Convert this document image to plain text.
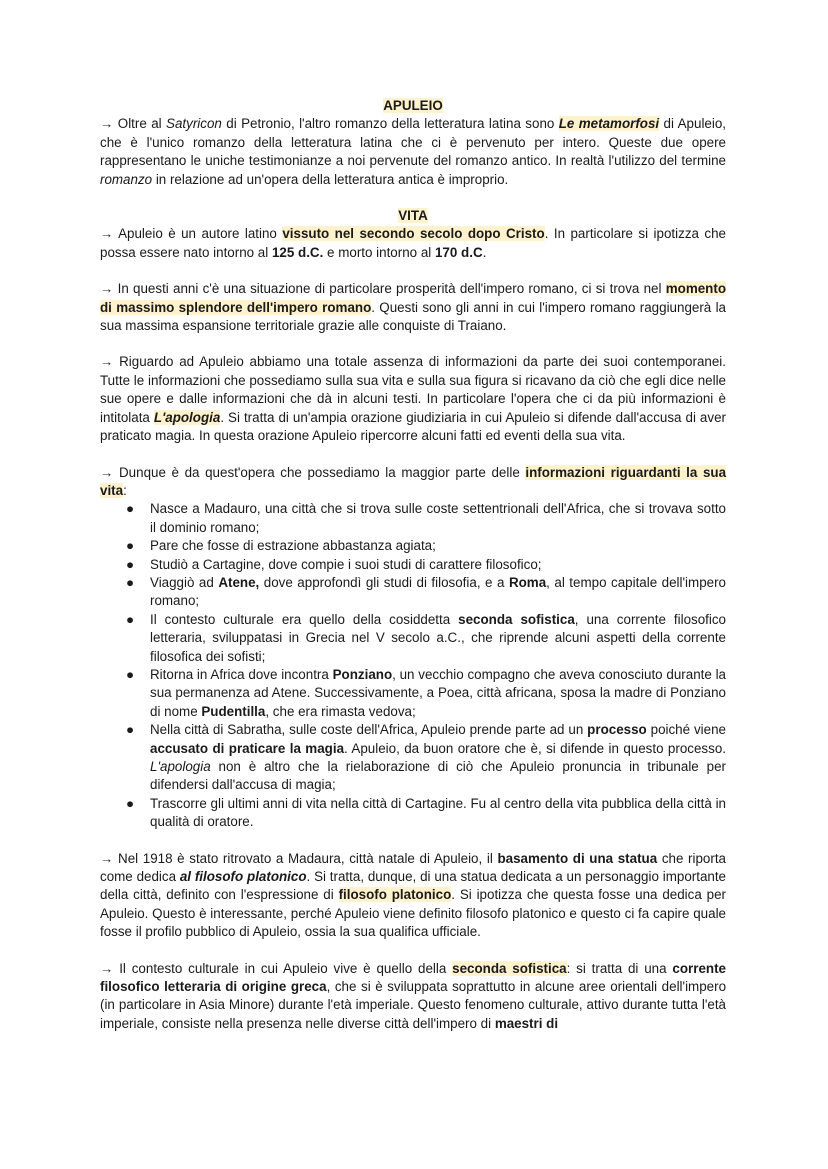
APULEIO

→ Oltre al Satyricon di Petronio, l'altro romanzo della letteratura latina sono Le metamorfosi di Apuleio, che è l'unico romanzo della letteratura latina che ci è pervenuto per intero. Queste due opere rappresentano le uniche testimonianze a noi pervenute del romanzo antico. In realtà l'utilizzo del termine romanzo in relazione ad un'opera della letteratura antica è improprio.

VITA

→ Apuleio è un autore latino vissuto nel secondo secolo dopo Cristo. In particolare si ipotizza che possa essere nato intorno al 125 d.C. e morto intorno al 170 d.C.

→ In questi anni c'è una situazione di particolare prosperità dell'impero romano, ci si trova nel momento di massimo splendore dell'impero romano. Questi sono gli anni in cui l'impero romano raggiungerà la sua massima espansione territoriale grazie alle conquiste di Traiano.

→ Riguardo ad Apuleio abbiamo una totale assenza di informazioni da parte dei suoi contemporanei. Tutte le informazioni che possediamo sulla sua vita e sulla sua figura si ricavano da ciò che egli dice nelle sue opere e dalle informazioni che dà in alcuni testi. In particolare l'opera che ci da più informazioni è intitolata L'apologia. Si tratta di un'ampia orazione giudiziaria in cui Apuleio si difende dall'accusa di aver praticato magia. In questa orazione Apuleio ripercorre alcuni fatti ed eventi della sua vita.

→ Dunque è da quest'opera che possediamo la maggior parte delle informazioni riguardanti la sua vita:

● Nasce a Madauro, una città che si trova sulle coste settentrionali dell'Africa, che si trovava sotto il dominio romano;
● Pare che fosse di estrazione abbastanza agiata;
● Studiò a Cartagine, dove compie i suoi studi di carattere filosofico;
● Viaggiò ad Atene, dove approfondì gli studi di filosofia, e a Roma, al tempo capitale dell'impero romano;
● Il contesto culturale era quello della cosiddetta seconda sofistica, una corrente filosofico letteraria, sviluppatasi in Grecia nel V secolo a.C., che riprende alcuni aspetti della corrente filosofica dei sofisti;
● Ritorna in Africa dove incontra Ponziano, un vecchio compagno che aveva conosciuto durante la sua permanenza ad Atene. Successivamente, a Poea, città africana, sposa la madre di Ponziano di nome Pudentilla, che era rimasta vedova;
● Nella città di Sabratha, sulle coste dell'Africa, Apuleio prende parte ad un processo poiché viene accusato di praticare la magia. Apuleio, da buon oratore che è, si difende in questo processo. L'apologia non è altro che la rielaborazione di ciò che Apuleio pronuncia in tribunale per difendersi dall'accusa di magia;
● Trascorre gli ultimi anni di vita nella città di Cartagine. Fu al centro della vita pubblica della città in qualità di oratore.

→ Nel 1918 è stato ritrovato a Madaura, città natale di Apuleio, il basamento di una statua che riporta come dedica al filosofo platonico. Si tratta, dunque, di una statua dedicata a un personaggio importante della città, definito con l'espressione di filosofo platonico. Si ipotizza che questa fosse una dedica per Apuleio. Questo è interessante, perché Apuleio viene definito filosofo platonico e questo ci fa capire quale fosse il profilo pubblico di Apuleio, ossia la sua qualifica ufficiale.

→ Il contesto culturale in cui Apuleio vive è quello della seconda sofistica: si tratta di una corrente filosofico letteraria di origine greca, che si è sviluppata soprattutto in alcune aree orientali dell'impero (in particolare in Asia Minore) durante l'età imperiale. Questo fenomeno culturale, attivo durante tutta l'età imperiale, consiste nella presenza nelle diverse città dell'impero di maestri di
